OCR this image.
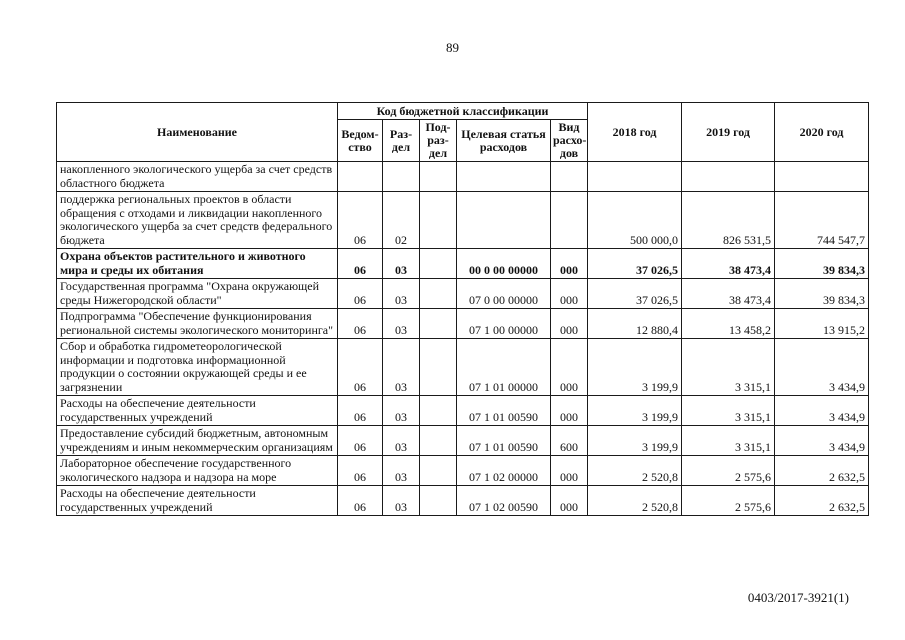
89
Наименование	Код бюджетной классификации					2018 год	2019 год	2020 год
	Ведом-ство	Раз-дел	Под-раз-дел	Целевая статья расходов	Вид расхо-дов			
накопленного экологического ущерба за счет средств областного бюджета								
поддержка региональных проектов в области обращения с отходами и ликвидации накопленного экологического ущерба за счет средств федерального бюджета	06	02				500 000,0	826 531,5	744 547,7
Охрана объектов растительного и животного мира и среды их обитания	06	03		00 0 00 00000	000	37 026,5	38 473,4	39 834,3
Государственная программа "Охрана окружающей среды Нижегородской области"	06	03		07 0 00 00000	000	37 026,5	38 473,4	39 834,3
Подпрограмма "Обеспечение функционирования региональной системы экологического мониторинга"	06	03		07 1 00 00000	000	12 880,4	13 458,2	13 915,2
Сбор и обработка гидрометеорологической информации и подготовка информационной продукции о состоянии окружающей среды и ее загрязнении	06	03		07 1 01 00000	000	3 199,9	3 315,1	3 434,9
Расходы на обеспечение деятельности государственных учреждений	06	03		07 1 01 00590	000	3 199,9	3 315,1	3 434,9
Предоставление субсидий бюджетным, автономным учреждениям и иным некоммерческим организациям	06	03		07 1 01 00590	600	3 199,9	3 315,1	3 434,9
Лабораторное обеспечение государственного экологического надзора и надзора на море	06	03		07 1 02 00000	000	2 520,8	2 575,6	2 632,5
Расходы на обеспечение деятельности государственных учреждений	06	03		07 1 02 00590	000	2 520,8	2 575,6	2 632,5
0403/2017-3921(1)
